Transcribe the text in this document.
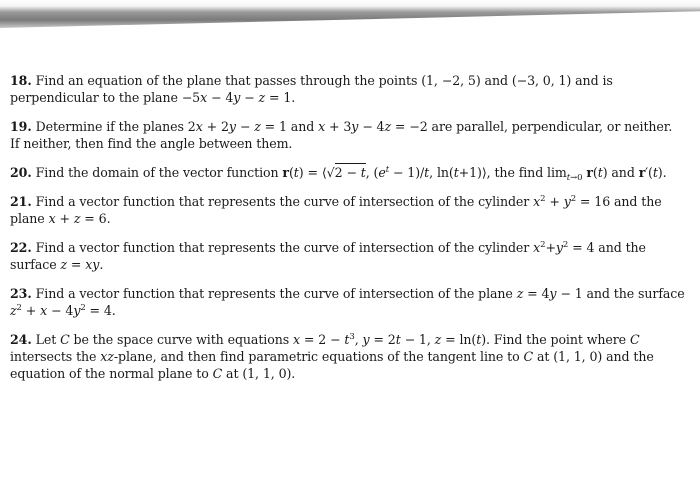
18. Find an equation of the plane that passes through the points (1, −2, 5) and (−3, 0, 1) and is perpendicular to the plane −5x − 4y − z = 1.
19. Determine if the planes 2x + 2y − z = 1 and x + 3y − 4z = −2 are parallel, perpendicular, or neither. If neither, then find the angle between them.
20. Find the domain of the vector function r(t) = ⟨√2 − t, $(e^t - 1)/t$, ln(t+1)⟩, the find $\lim_{t\to 0} r(t)$ and r′(t).
21. Find a vector function that represents the curve of intersection of the cylinder $x^2 + y^2 = 16$ and the plane x + z = 6.
22. Find a vector function that represents the curve of intersection of the cylinder $x^2+y^2 = 4$ and the surface z = xy.
23. Find a vector function that represents the curve of intersection of the plane z = 4y − 1 and the surface $z^2 + x - 4y^2 = 4$.
24. Let C be the space curve with equations $x = 2 - t^3$, y = 2t − 1, z = ln(t). Find the point where C intersects the xz-plane, and then find parametric equations of the tangent line to C at (1, 1, 0) and the equation of the normal plane to C at (1, 1, 0).
